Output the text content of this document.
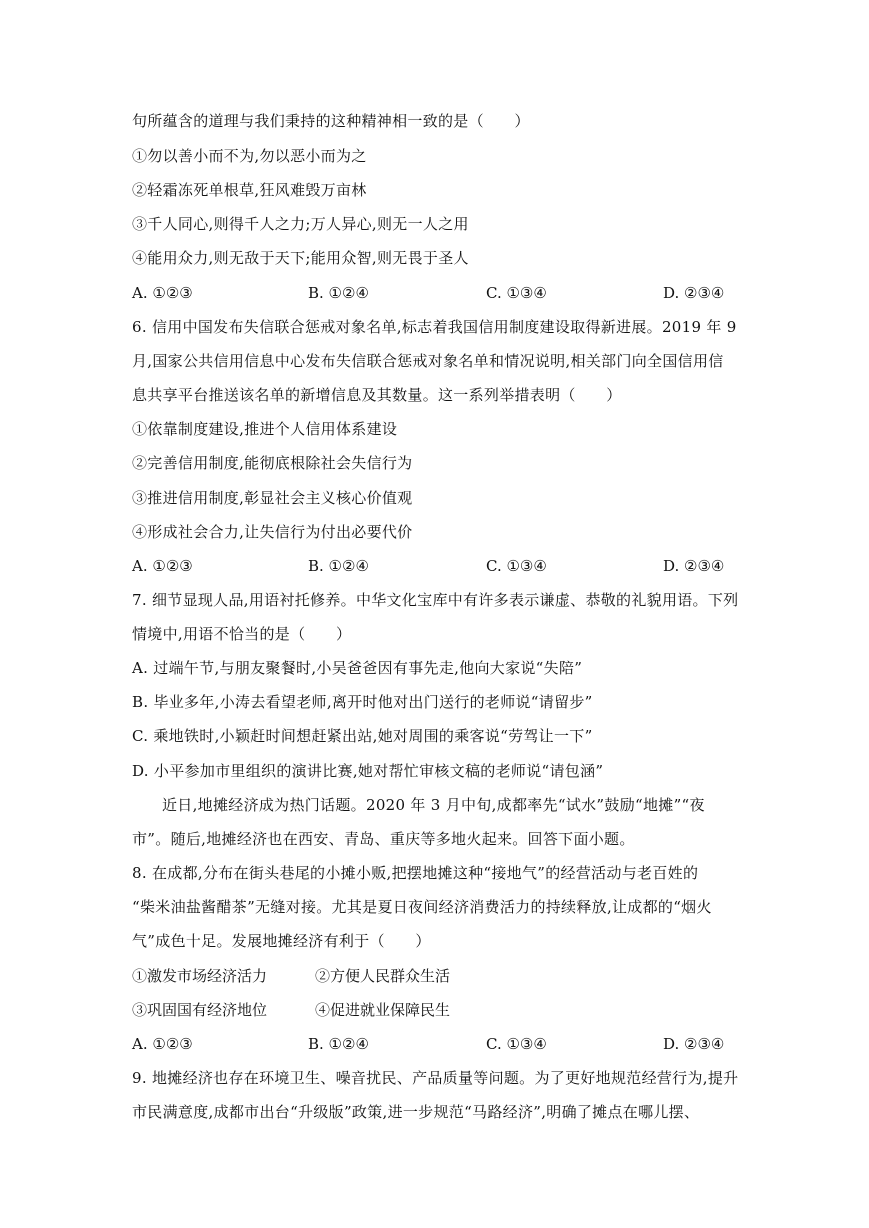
句所蕴含的道理与我们秉持的这种精神相一致的是（　　）
①勿以善小而不为,勿以恶小而为之
②轻霜冻死单根草,狂风难毁万亩林
③千人同心,则得千人之力;万人异心,则无一人之用
④能用众力,则无敌于天下;能用众智,则无畏于圣人
A. ①②③	B. ①②④	C. ①③④	D. ②③④
6. 信用中国发布失信联合惩戒对象名单,标志着我国信用制度建设取得新进展。2019 年 9
月,国家公共信用信息中心发布失信联合惩戒对象名单和情况说明,相关部门向全国信用信
息共享平台推送该名单的新增信息及其数量。这一系列举措表明（　　）
①依靠制度建设,推进个人信用体系建设
②完善信用制度,能彻底根除社会失信行为
③推进信用制度,彰显社会主义核心价值观
④形成社会合力,让失信行为付出必要代价
A. ①②③	B. ①②④	C. ①③④	D. ②③④
7. 细节显现人品,用语衬托修养。中华文化宝库中有许多表示谦虚、恭敬的礼貌用语。下列
情境中,用语不恰当的是（　　）
A. 过端午节,与朋友聚餐时,小吴爸爸因有事先走,他向大家说“失陪”
B. 毕业多年,小涛去看望老师,离开时他对出门送行的老师说“请留步”
C. 乘地铁时,小颖赶时间想赶紧出站,她对周围的乘客说“劳驾让一下”
D. 小平参加市里组织的演讲比赛,她对帮忙审核文稿的老师说“请包涵”
近日,地摊经济成为热门话题。2020 年 3 月中旬,成都率先“试水”鼓励“地摊”“夜
市”。随后,地摊经济也在西安、青岛、重庆等多地火起来。回答下面小题。
8. 在成都,分布在街头巷尾的小摊小贩,把摆地摊这种“接地气”的经营活动与老百姓的
“柴米油盐酱醋茶”无缝对接。尤其是夏日夜间经济消费活力的持续释放,让成都的“烟火
气”成色十足。发展地摊经济有利于（　　）
①激发市场经济活力	②方便人民群众生活
③巩固国有经济地位	④促进就业保障民生
A. ①②③	B. ①②④	C. ①③④	D. ②③④
9. 地摊经济也存在环境卫生、噪音扰民、产品质量等问题。为了更好地规范经营行为,提升
市民满意度,成都市出台“升级版”政策,进一步规范“马路经济”,明确了摊点在哪儿摆、
